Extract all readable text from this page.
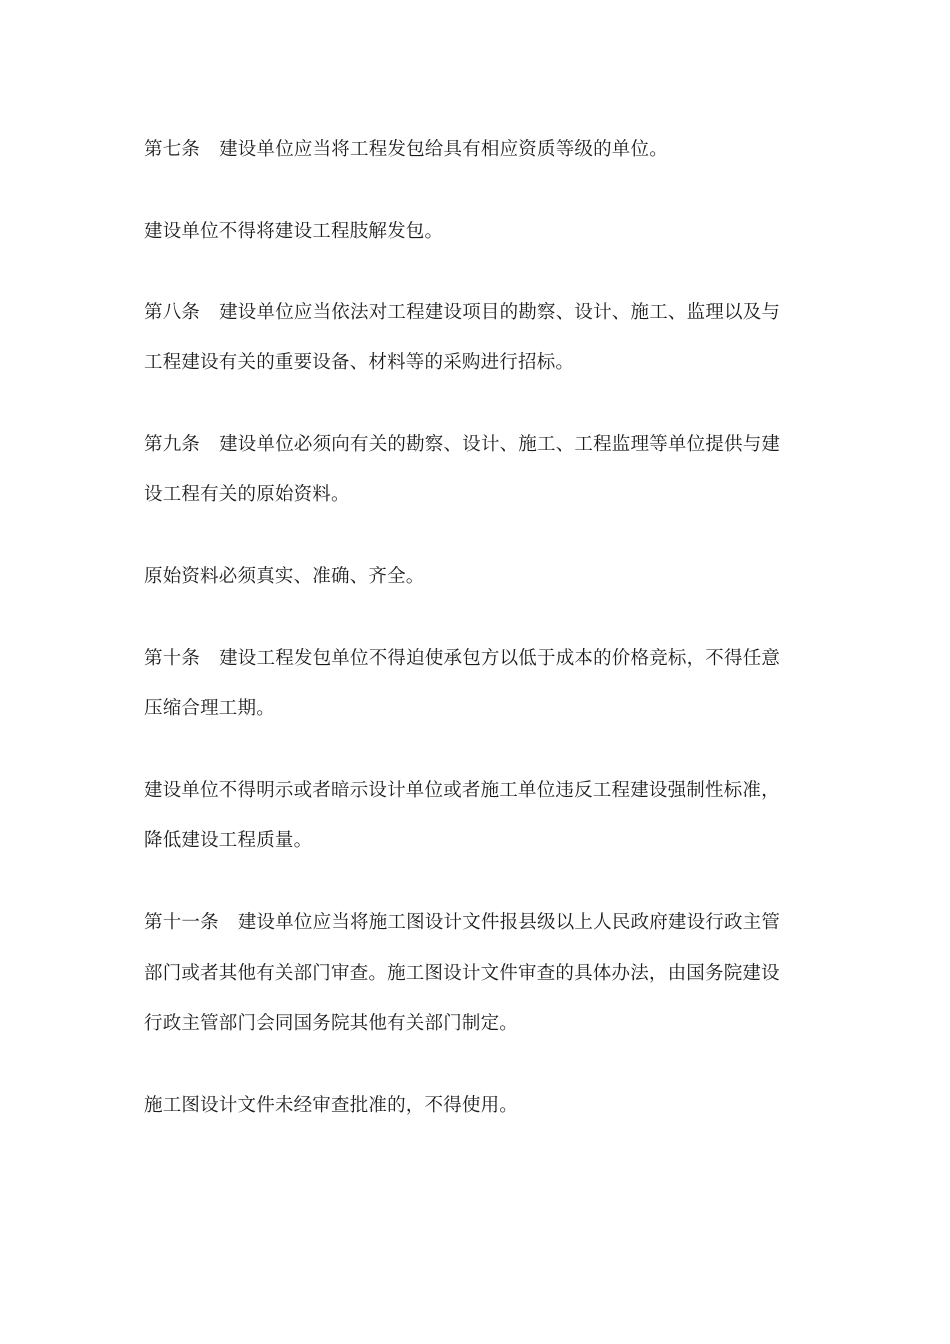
第七条 建设单位应当将工程发包给具有相应资质等级的单位。
建设单位不得将建设工程肢解发包。
第八条 建设单位应当依法对工程建设项目的勘察、设计、施工、监理以及与
工程建设有关的重要设备、材料等的采购进行招标。
第九条 建设单位必须向有关的勘察、设计、施工、工程监理等单位提供与建
设工程有关的原始资料。
原始资料必须真实、准确、齐全。
第十条 建设工程发包单位不得迫使承包方以低于成本的价格竞标，不得任意
压缩合理工期。
建设单位不得明示或者暗示设计单位或者施工单位违反工程建设强制性标准，
降低建设工程质量。
第十一条 建设单位应当将施工图设计文件报县级以上人民政府建设行政主管
部门或者其他有关部门审查。施工图设计文件审查的具体办法，由国务院建设
行政主管部门会同国务院其他有关部门制定。
施工图设计文件未经审查批准的，不得使用。
